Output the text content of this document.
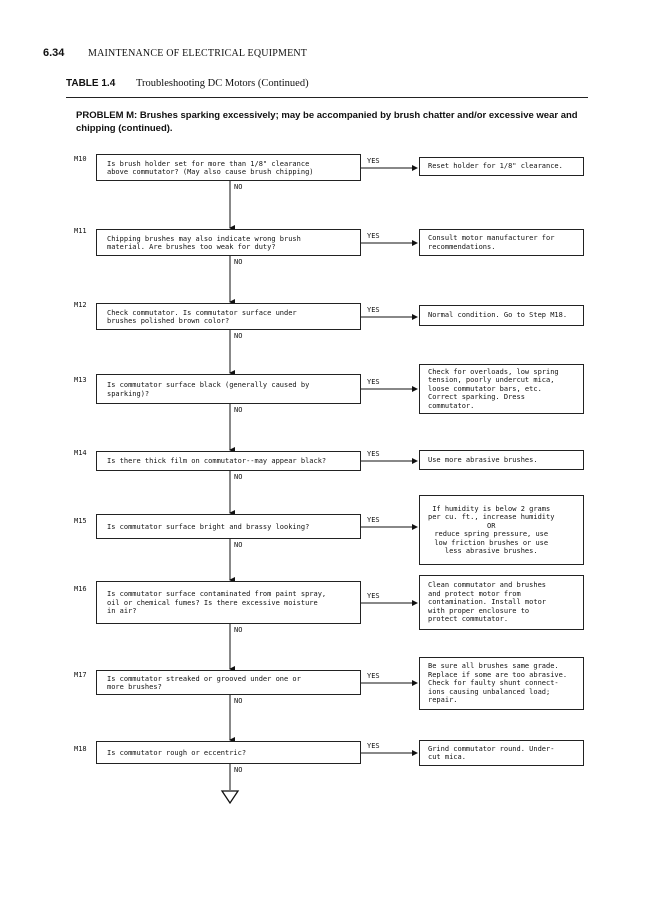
6.34 MAINTENANCE OF ELECTRICAL EQUIPMENT
TABLE 1.4 Troubleshooting DC Motors (Continued)
PROBLEM M: Brushes sparking excessively; may be accompanied by brush chatter and/or excessive wear and chipping (continued).
M10
Is brush holder set for more than 1/8" clearance
above commutator? (May also cause brush chipping)
Reset holder for 1/8" clearance.
YES
NO
M11
Chipping brushes may also indicate wrong brush
material. Are brushes too weak for duty?
Consult motor manufacturer for
recommendations.
YES
NO
M12
Check commutator. Is commutator surface under
brushes polished brown color?
Normal condition. Go to Step M18.
YES
NO
M13
Is commutator surface black (generally caused by
sparking)?
Check for overloads, low spring
tension, poorly undercut mica,
loose commutator bars, etc.
Correct sparking. Dress
commutator.
YES
NO
M14
Is there thick film on commutator--may appear black?	Use more abrasive brushes.
YES
NO
M15
Is commutator surface bright and brassy looking?
If humidity is below 2 grams
per cu. ft., increase humidity
OR
reduce spring pressure, use
low friction brushes or use
less abrasive brushes.
YES
NO
M16
Is commutator surface contaminated from paint spray,
oil or chemical fumes? Is there excessive moisture
in air?
Clean commutator and brushes
and protect motor from
contamination. Install motor
with proper enclosure to
protect commutator.
YES
NO
M17	Is commutator streaked or grooved under one or
more brushes?
Be sure all brushes same grade.
Replace if some are too abrasive.
Check for faulty shunt connect-
ions causing unbalanced load;
repair.
YES
NO
M18	Is commutator rough or eccentric?
Grind commutator round. Under-
cut mica.
YES
NO
